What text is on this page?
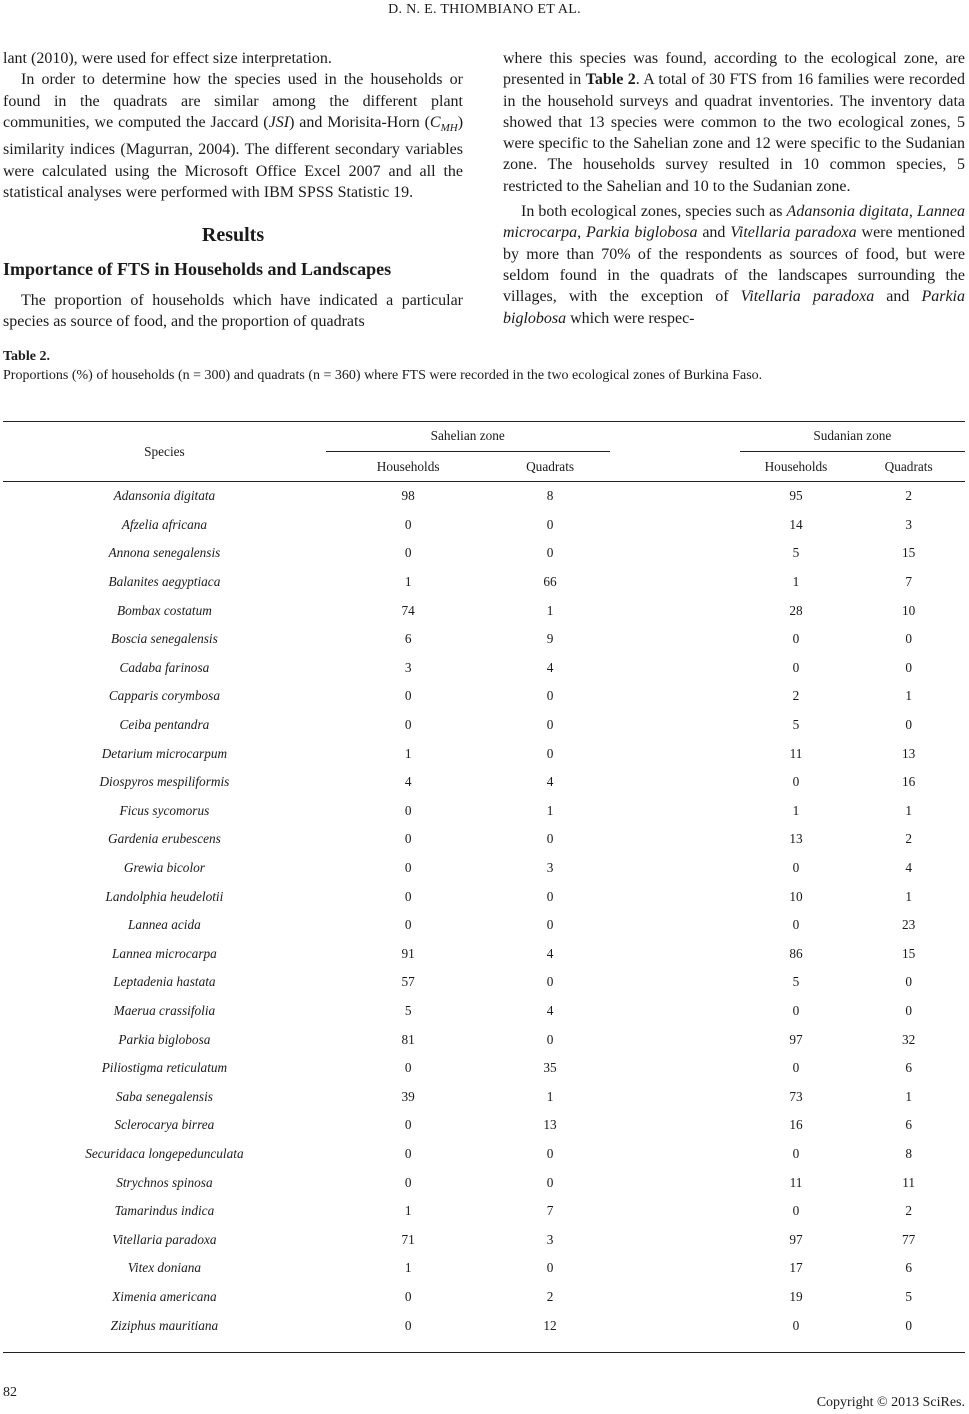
D. N. E. THIOMBIANO ET AL.

lant (2010), were used for effect size interpretation.

In order to determine how the species used in the households or found in the quadrats are similar among the different plant communities, we computed the Jaccard (JSI) and Morisita-Horn $(C_{MH})$ similarity indices (Magurran, 2004). The different secondary variables were calculated using the Microsoft Office Excel 2007 and all the statistical analyses were performed with IBM SPSS Statistic 19.

Results
Importance of FTS in Households and Landscapes

The proportion of households which have indicated a particular species as source of food, and the proportion of quadrats

where this species was found, according to the ecological zone, are presented in Table 2. A total of 30 FTS from 16 families were recorded in the household surveys and quadrat inventories. The inventory data showed that 13 species were common to the two ecological zones, 5 were specific to the Sahelian zone and 12 were specific to the Sudanian zone. The households survey resulted in 10 common species, 5 restricted to the Sahelian and 10 to the Sudanian zone.

In both ecological zones, species such as Adansonia digitata, Lannea microcarpa, Parkia biglobosa and Vitellaria paradoxa were mentioned by more than 70% of the respondents as sources of food, but were seldom found in the quadrats of the landscapes surrounding the villages, with the exception of Vitellaria paradoxa and Parkia biglobosa which were respec-

Table 2.
Proportions (%) of households (n = 300) and quadrats (n = 360) where FTS were recorded in the two ecological zones of Burkina Faso.
Species	Sahelian zone			Sudanian zone	
	Households	Quadrats		Households	Quadrats
Adansonia digitata	98	8		95	2
Afzelia africana	0	0		14	3
Annona senegalensis	0	0		5	15
Balanites aegyptiaca	1	66		1	7
Bombax costatum	74	1		28	10
Boscia senegalensis	6	9		0	0
Cadaba farinosa	3	4		0	0
Capparis corymbosa	0	0		2	1
Ceiba pentandra	0	0		5	0
Detarium microcarpum	1	0		11	13
Diospyros mespiliformis	4	4		0	16
Ficus sycomorus	0	1		1	1
Gardenia erubescens	0	0		13	2
Grewia bicolor	0	3		0	4
Landolphia heudelotii	0	0		10	1
Lannea acida	0	0		0	23
Lannea microcarpa	91	4		86	15
Leptadenia hastata	57	0		5	0
Maerua crassifolia	5	4		0	0
Parkia biglobosa	81	0		97	32
Piliostigma reticulatum	0	35		0	6
Saba senegalensis	39	1		73	1
Sclerocarya birrea	0	13		16	6
Securidaca longepedunculata	0	0		0	8
Strychnos spinosa	0	0		11	11
Tamarindus indica	1	7		0	2
Vitellaria paradoxa	71	3		97	77
Vitex doniana	1	0		17	6
Ximenia americana	0	2		19	5
Ziziphus mauritiana	0	12		0	0
82
Copyright © 2013 SciRes.
